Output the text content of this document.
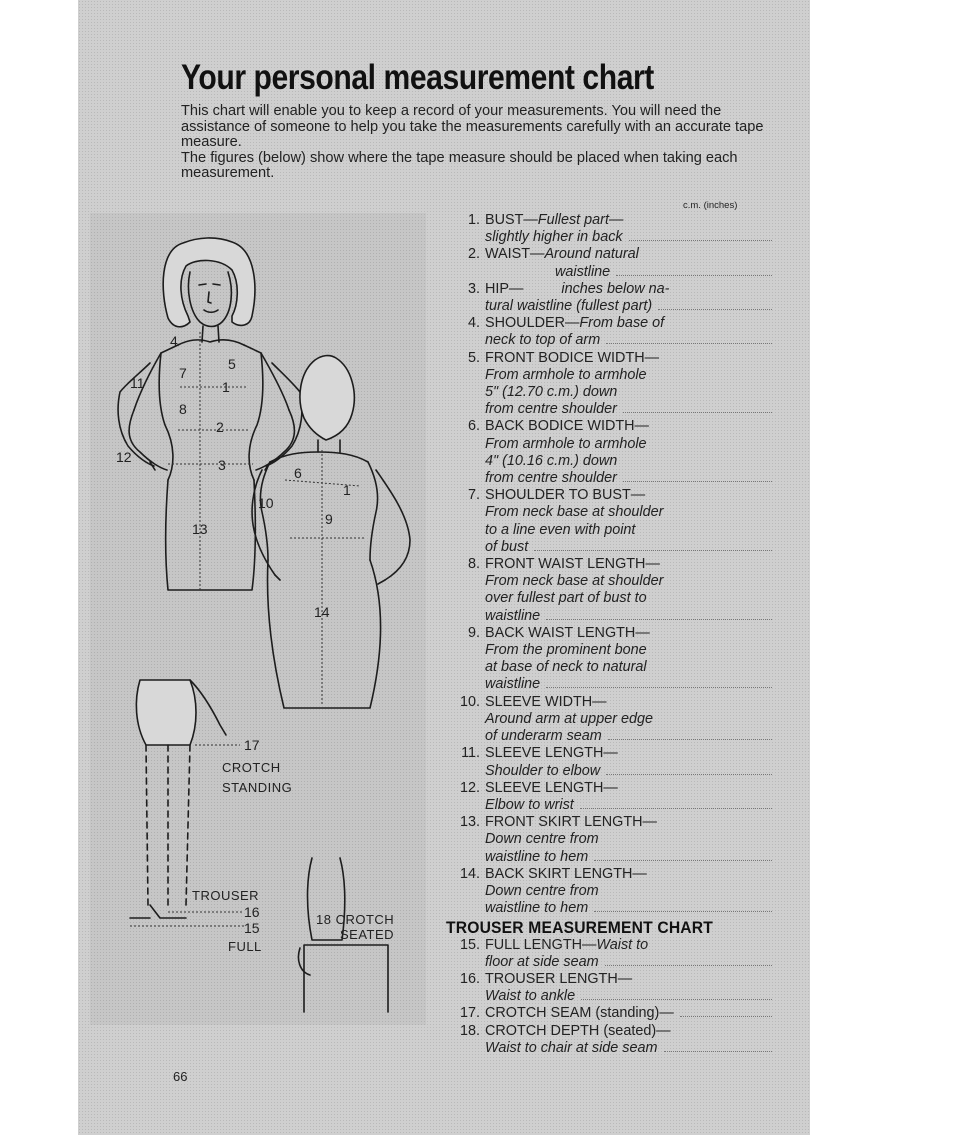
Your personal measurement chart

This chart will enable you to keep a record of your measurements. You will need the assistance of someone to help you take the measurements carefully with an accurate tape measure.

The figures (below) show where the tape measure should be placed when taking each measurement.

c.m. (inches)
1. BUST— Fullest part—
slightly higher in back
2. WAIST— Around natural
waistline
3. HIP—	inches below na-
tural waistline (fullest part)
4. SHOULDER— From base of
neck to top of arm
5. FRONT BODICE WIDTH—
From armhole to armhole
5" (12.70 c.m.) down
from centre shoulder
6. BACK BODICE WIDTH—
From armhole to armhole
4" (10.16 c.m.) down
from centre shoulder
7. SHOULDER TO BUST—
From neck base at shoulder
to a line even with point
of bust
8. FRONT WAIST LENGTH—
From neck base at shoulder
over fullest part of bust to
waistline
9. BACK WAIST LENGTH—
From the prominent bone
at base of neck to natural
waistline
10. SLEEVE WIDTH—
Around arm at upper edge
of underarm seam
11. SLEEVE LENGTH—
Shoulder to elbow
12. SLEEVE LENGTH—
Elbow to wrist
13. FRONT SKIRT LENGTH—
Down centre from
waistline to hem
14. BACK SKIRT LENGTH—
Down centre from
waistline to hem
TROUSER MEASUREMENT CHART
15. FULL LENGTH— Waist to
floor at side seam
16. TROUSER LENGTH—
Waist to ankle
17. CROTCH SEAM (standing)—
18. CROTCH DEPTH (seated)—
Waist to chair at side seam
66
1
2
3
4
5
7
8
11
12
13
6
1
10
9
14
17
CROTCH
STANDING
TROUSER
16
15
FULL
18 CROTCH
SEATED
